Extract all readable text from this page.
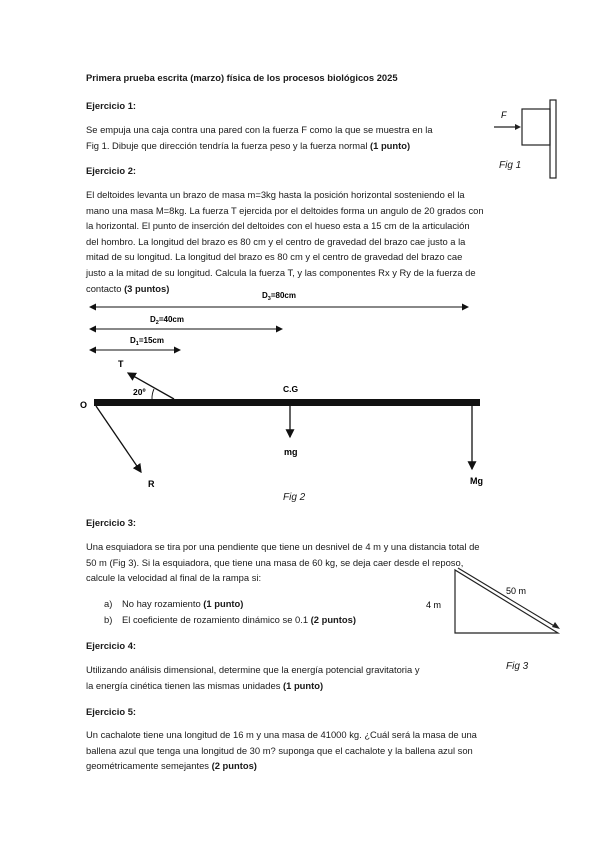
Primera prueba escrita (marzo) física de los procesos biológicos 2025
Ejercicio 1:
Se empuja una caja contra una pared con la fuerza F como la que se muestra en la
Fig 1. Dibuje que dirección tendría la fuerza peso y la fuerza normal (1 punto)
F
Fig 1
Ejercicio 2:
El deltoides levanta un brazo de masa m=3kg hasta la posición horizontal sosteniendo el la
mano una masa M=8kg. La fuerza T ejercida por el deltoides forma un angulo de 20 grados con
la horizontal. El punto de inserción del deltoides con el hueso esta a 15 cm de la articulación
del hombro. La longitud del brazo es 80 cm y el centro de gravedad del brazo cae justo a la
mitad de su longitud. La longitud del brazo es 80 cm y el centro de gravedad del brazo cae
justo a la mitad de su longitud. Calcula la fuerza T, y las componentes Rx y Ry de la fuerza de
contacto (3 puntos)
$D_3=80cm$
$D_2=40cm$
$D_1=15cm$
T
20º
O
C.G
mg
R	Mg
Fig 2
Ejercicio 3:
Una esquiadora se tira por una pendiente que tiene un desnivel de 4 m y una distancia total de
50 m (Fig 3). Si la esquiadora, que tiene una masa de 60 kg, se deja caer desde el reposo,
calcule la velocidad al final de la rampa si:
a) No hay rozamiento (1 punto)
b) El coeficiente de rozamiento dinámico se 0.1 (2 puntos)
50 m
4 m
Fig 3
Ejercicio 4:
Utilizando análisis dimensional, determine que la energía potencial gravitatoria y
la energía cinética tienen las mismas unidades (1 punto)
Ejercicio 5:
Un cachalote tiene una longitud de 16 m y una masa de 41000 kg. ¿Cuál será la masa de una
ballena azul que tenga una longitud de 30 m? suponga que el cachalote y la ballena azul son
geométricamente semejantes (2 puntos)
